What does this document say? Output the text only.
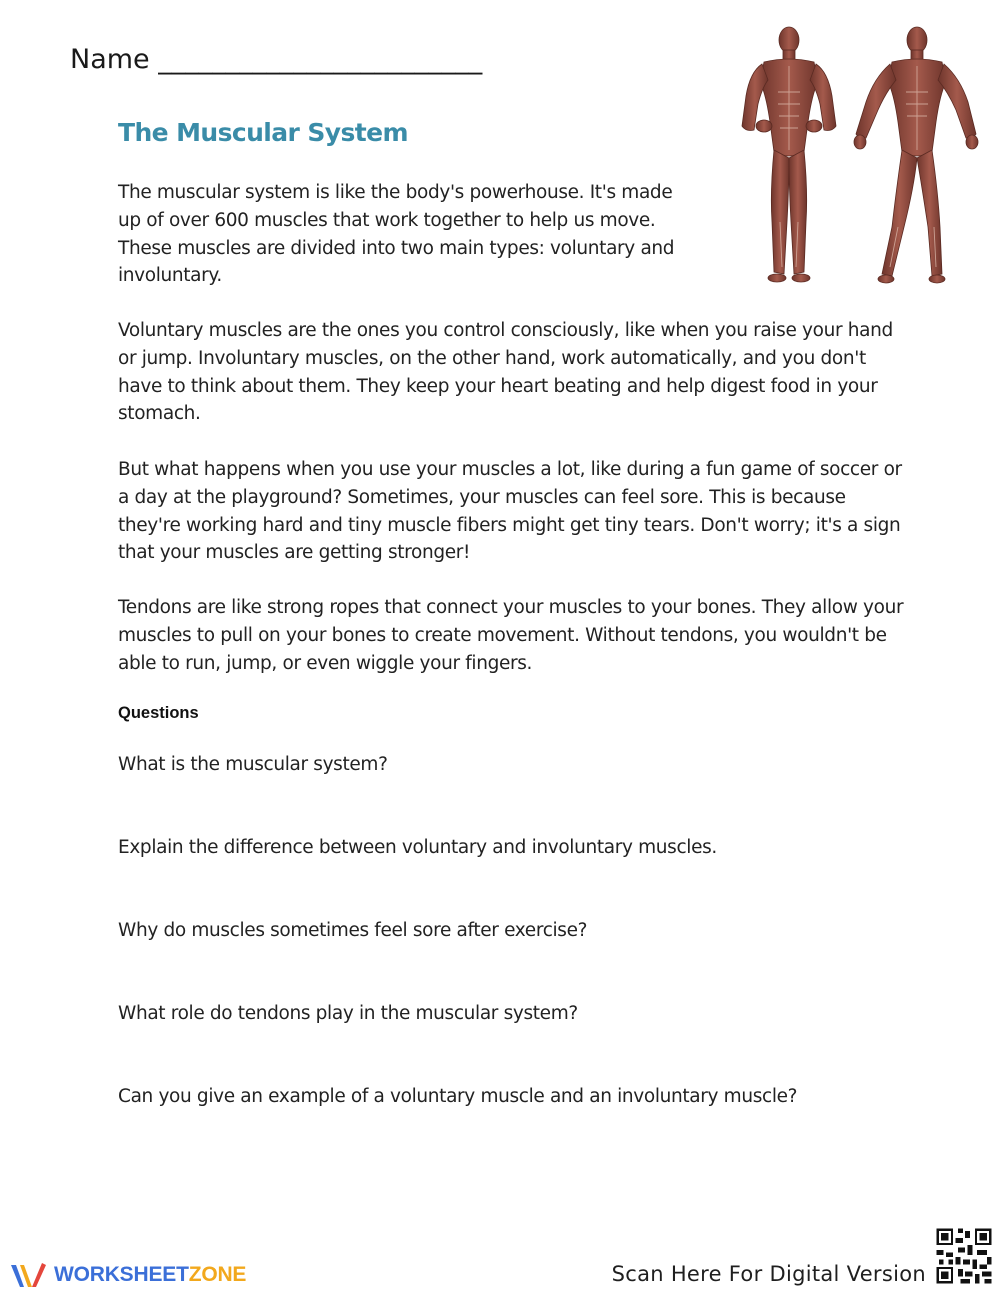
Name ________________________
The Muscular System

The muscular system is like the body's powerhouse. It's made up of over 600 muscles that work together to help us move. These muscles are divided into two main types: voluntary and involuntary.

Voluntary muscles are the ones you control consciously, like when you raise your hand or jump. Involuntary muscles, on the other hand, work automatically, and you don't have to think about them. They keep your heart beating and help digest food in your stomach.

But what happens when you use your muscles a lot, like during a fun game of soccer or a day at the playground? Sometimes, your muscles can feel sore. This is because they're working hard and tiny muscle fibers might get tiny tears. Don't worry; it's a sign that your muscles are getting stronger!

Tendons are like strong ropes that connect your muscles to your bones. They allow your muscles to pull on your bones to create movement. Without tendons, you wouldn't be able to run, jump, or even wiggle your fingers.

Questions

What is the muscular system?

Explain the difference between voluntary and involuntary muscles.

Why do muscles sometimes feel sore after exercise?

What role do tendons play in the muscular system?

Can you give an example of a voluntary muscle and an involuntary muscle?

WORKSHEETZONE	Scan Here For Digital Version
